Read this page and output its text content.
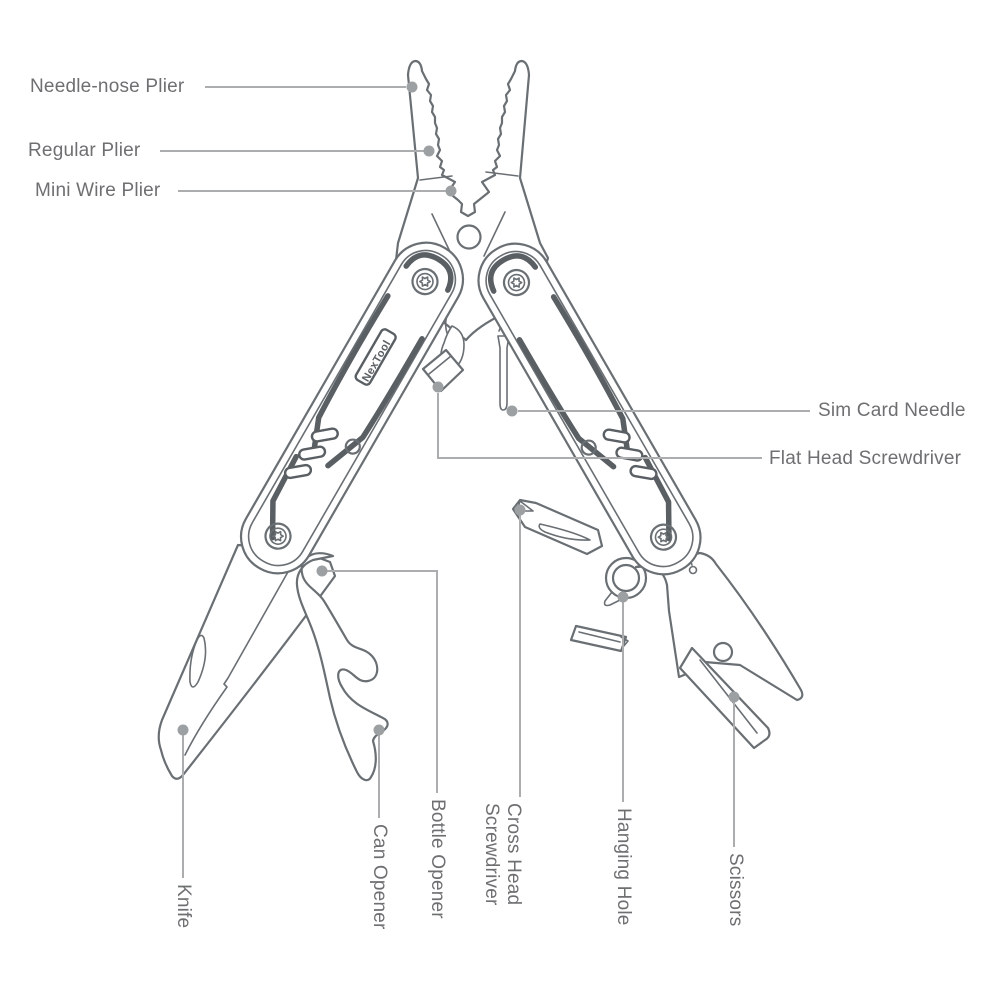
NexTool
Needle-nose Plier
Regular Plier
Mini Wire Plier
Sim Card Needle
Flat Head Screwdriver
Knife	Can Opener Bottle Opener	Cross Head Screwdriver	Hanging Hole	Scissors
